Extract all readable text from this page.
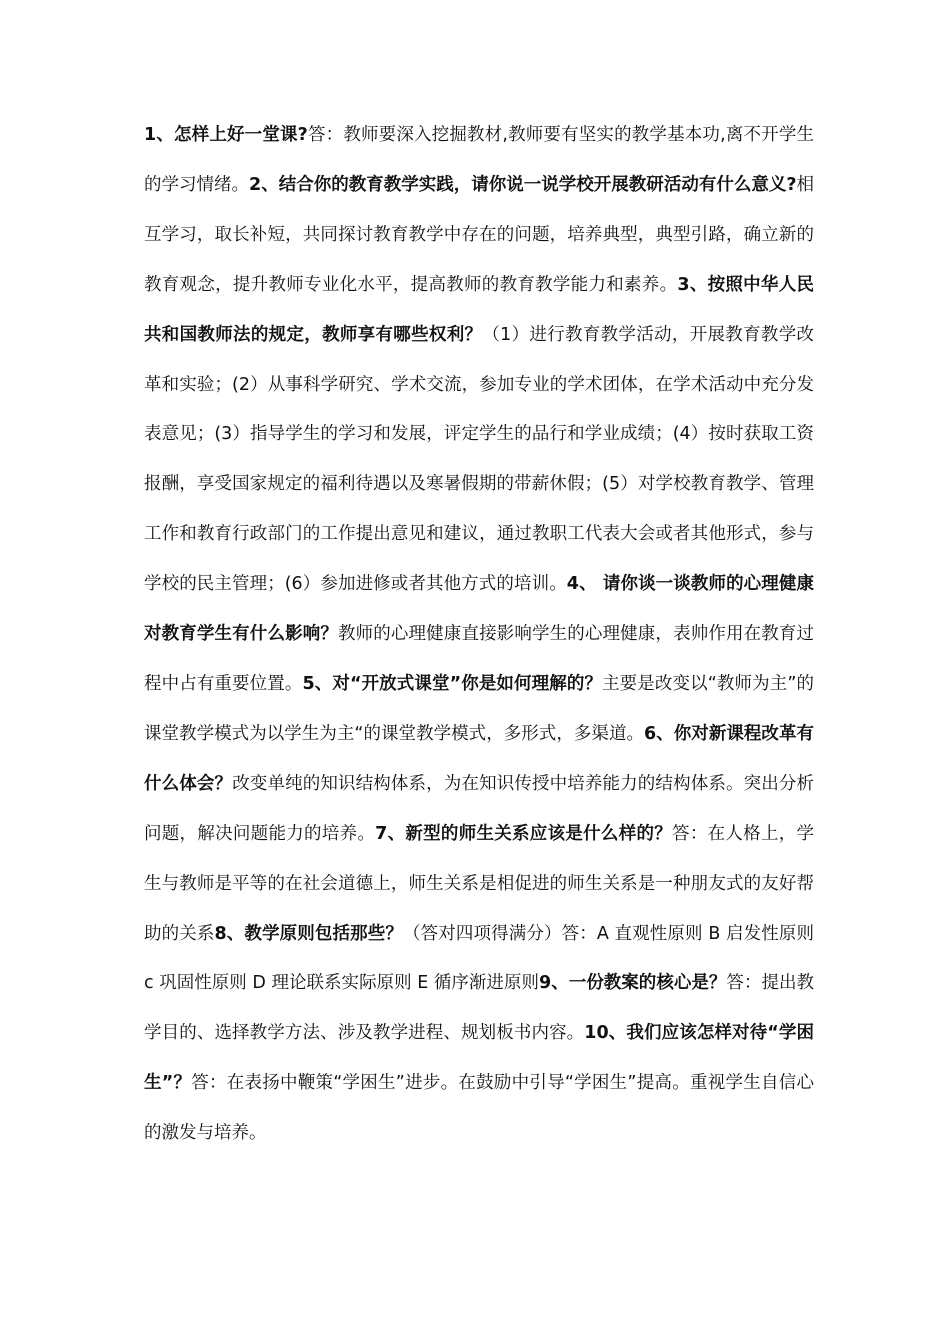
1、怎样上好一堂课?答：教师要深入挖掘教材,教师要有坚实的教学基本功,离不开学生的学习情绪。2、结合你的教育教学实践，请你说一说学校开展教研活动有什么意义?相互学习，取长补短，共同探讨教育教学中存在的问题，培养典型，典型引路，确立新的教育观念，提升教师专业化水平，提高教师的教育教学能力和素养。3、按照中华人民共和国教师法的规定，教师享有哪些权利？（1）进行教育教学活动，开展教育教学改革和实验；(2）从事科学研究、学术交流，参加专业的学术团体，在学术活动中充分发表意见；(3）指导学生的学习和发展，评定学生的品行和学业成绩；(4）按时获取工资报酬，享受国家规定的福利待遇以及寒暑假期的带薪休假；(5）对学校教育教学、管理工作和教育行政部门的工作提出意见和建议，通过教职工代表大会或者其他形式，参与学校的民主管理；(6）参加进修或者其他方式的培训。4、 请你谈一谈教师的心理健康对教育学生有什么影响？教师的心理健康直接影响学生的心理健康，表帅作用在教育过程中占有重要位置。5、对“开放式课堂”你是如何理解的？主要是改变以“教师为主”的课堂教学模式为以学生为主“的课堂教学模式，多形式，多渠道。6、你对新课程改革有什么体会？改变单纯的知识结构体系，为在知识传授中培养能力的结构体系。突出分析问题，解决问题能力的培养。7、新型的师生关系应该是什么样的？答：在人格上，学生与教师是平等的在社会道德上，师生关系是相促进的师生关系是一种朋友式的友好帮助的关系8、教学原则包括那些？（答对四项得满分）答：A 直观性原则 B 启发性原则 c 巩固性原则 D 理论联系实际原则 E 循序渐进原则9、一份教案的核心是？答：提出教学目的、选择教学方法、涉及教学进程、规划板书内容。10、我们应该怎样对待“学困生”？答：在表扬中鞭策“学困生”进步。在鼓励中引导“学困生”提高。重视学生自信心的激发与培养。
